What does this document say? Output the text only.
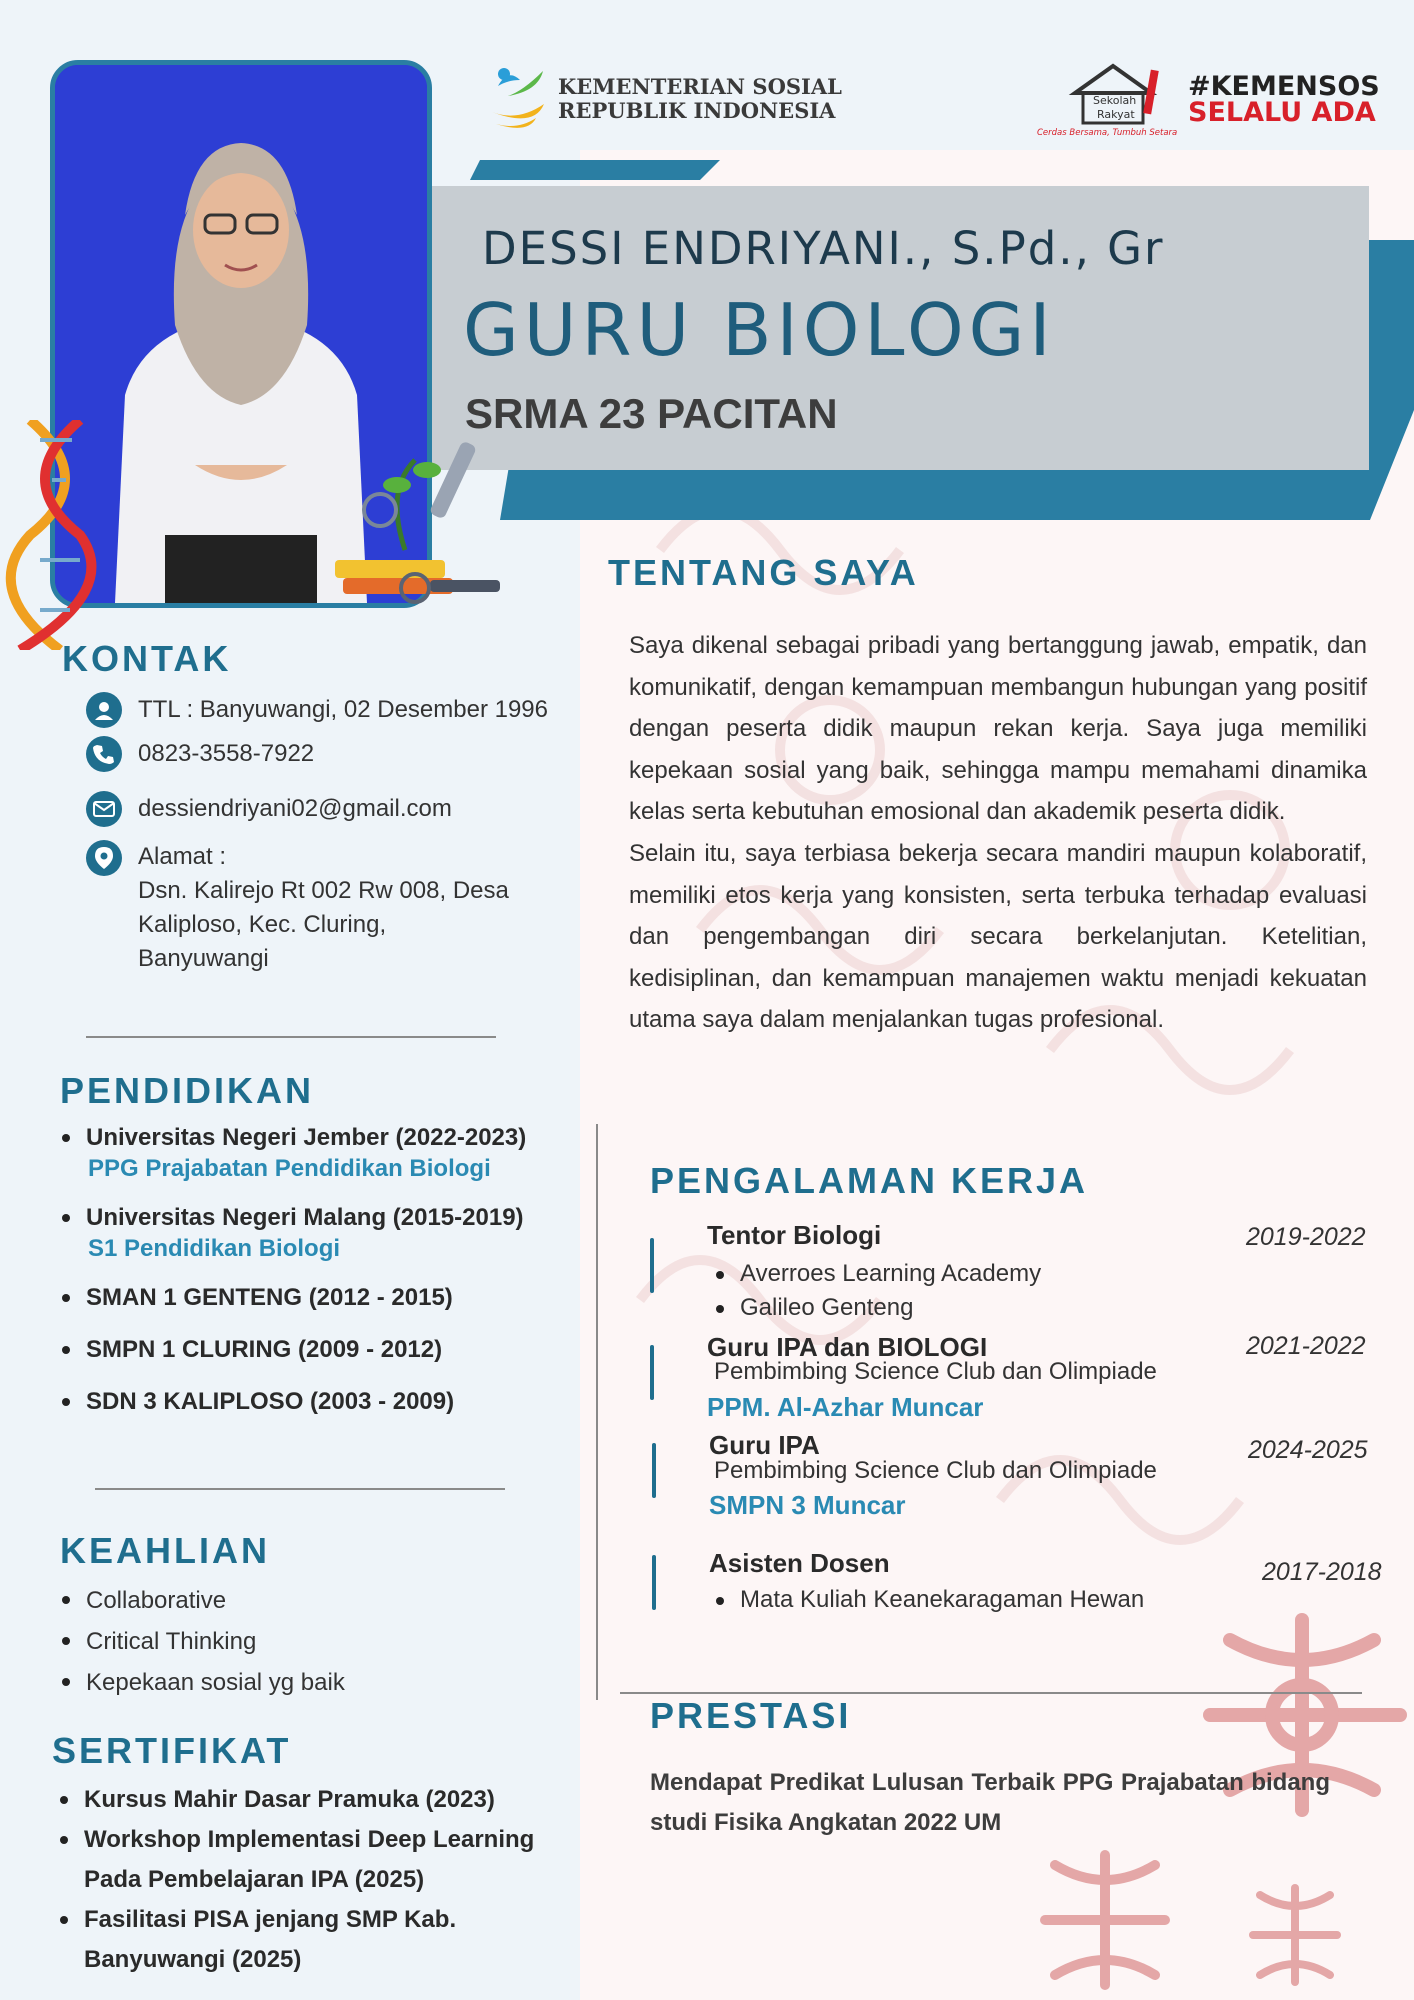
KEMENTERIAN SOSIAL
REPUBLIK INDONESIA	Sekolah
Rakyat
Cerdas Bersama, Tumbuh Setara
#KEMENSOS
SELALU ADA
DESSI ENDRIYANI., S.Pd., Gr
GURU BIOLOGI
SRMA 23 PACITAN
KONTAK
TTL : Banyuwangi, 02 Desember 1996
0823-3558-7922
dessiendriyani02@gmail.com
Alamat :
Dsn. Kalirejo Rt 002 Rw 008, Desa
Kaliploso, Kec. Cluring,
Banyuwangi
PENDIDIKAN
Universitas Negeri Jember (2022-2023)
PPG Prajabatan Pendidikan Biologi
Universitas Negeri Malang (2015-2019)
S1 Pendidikan Biologi
SMAN 1 GENTENG (2012 - 2015)
SMPN 1 CLURING (2009 - 2012)
SDN 3 KALIPLOSO (2003 - 2009)
KEAHLIAN
Collaborative
Critical Thinking
Kepekaan sosial yg baik
SERTIFIKAT
Kursus Mahir Dasar Pramuka (2023)
Workshop Implementasi Deep Learning
Pada Pembelajaran IPA (2025)
Fasilitasi PISA jenjang SMP Kab.
Banyuwangi (2025)
TENTANG SAYA

Saya dikenal sebagai pribadi yang bertanggung jawab, empatik, dan komunikatif, dengan kemampuan membangun hubungan yang positif dengan peserta didik maupun rekan kerja. Saya juga memiliki kepekaan sosial yang baik, sehingga mampu memahami dinamika kelas serta kebutuhan emosional dan akademik peserta didik.

Selain itu, saya terbiasa bekerja secara mandiri maupun kolaboratif, memiliki etos kerja yang konsisten, serta terbuka terhadap evaluasi dan pengembangan diri secara berkelanjutan. Ketelitian, kedisiplinan, dan kemampuan manajemen waktu menjadi kekuatan utama saya dalam menjalankan tugas profesional.

PENGALAMAN KERJA
Tentor Biologi	2019-2022
Averroes Learning Academy
Galileo Genteng
Guru IPA dan BIOLOGI	2021-2022
Pembimbing Science Club dan Olimpiade
PPM. Al-Azhar Muncar
Guru IPA	2024-2025
Pembimbing Science Club dan Olimpiade
SMPN 3 Muncar
Asisten Dosen	2017-2018
Mata Kuliah Keanekaragaman Hewan
PRESTASI
Mendapat Predikat Lulusan Terbaik PPG Prajabatan bidang studi Fisika Angkatan 2022 UM
